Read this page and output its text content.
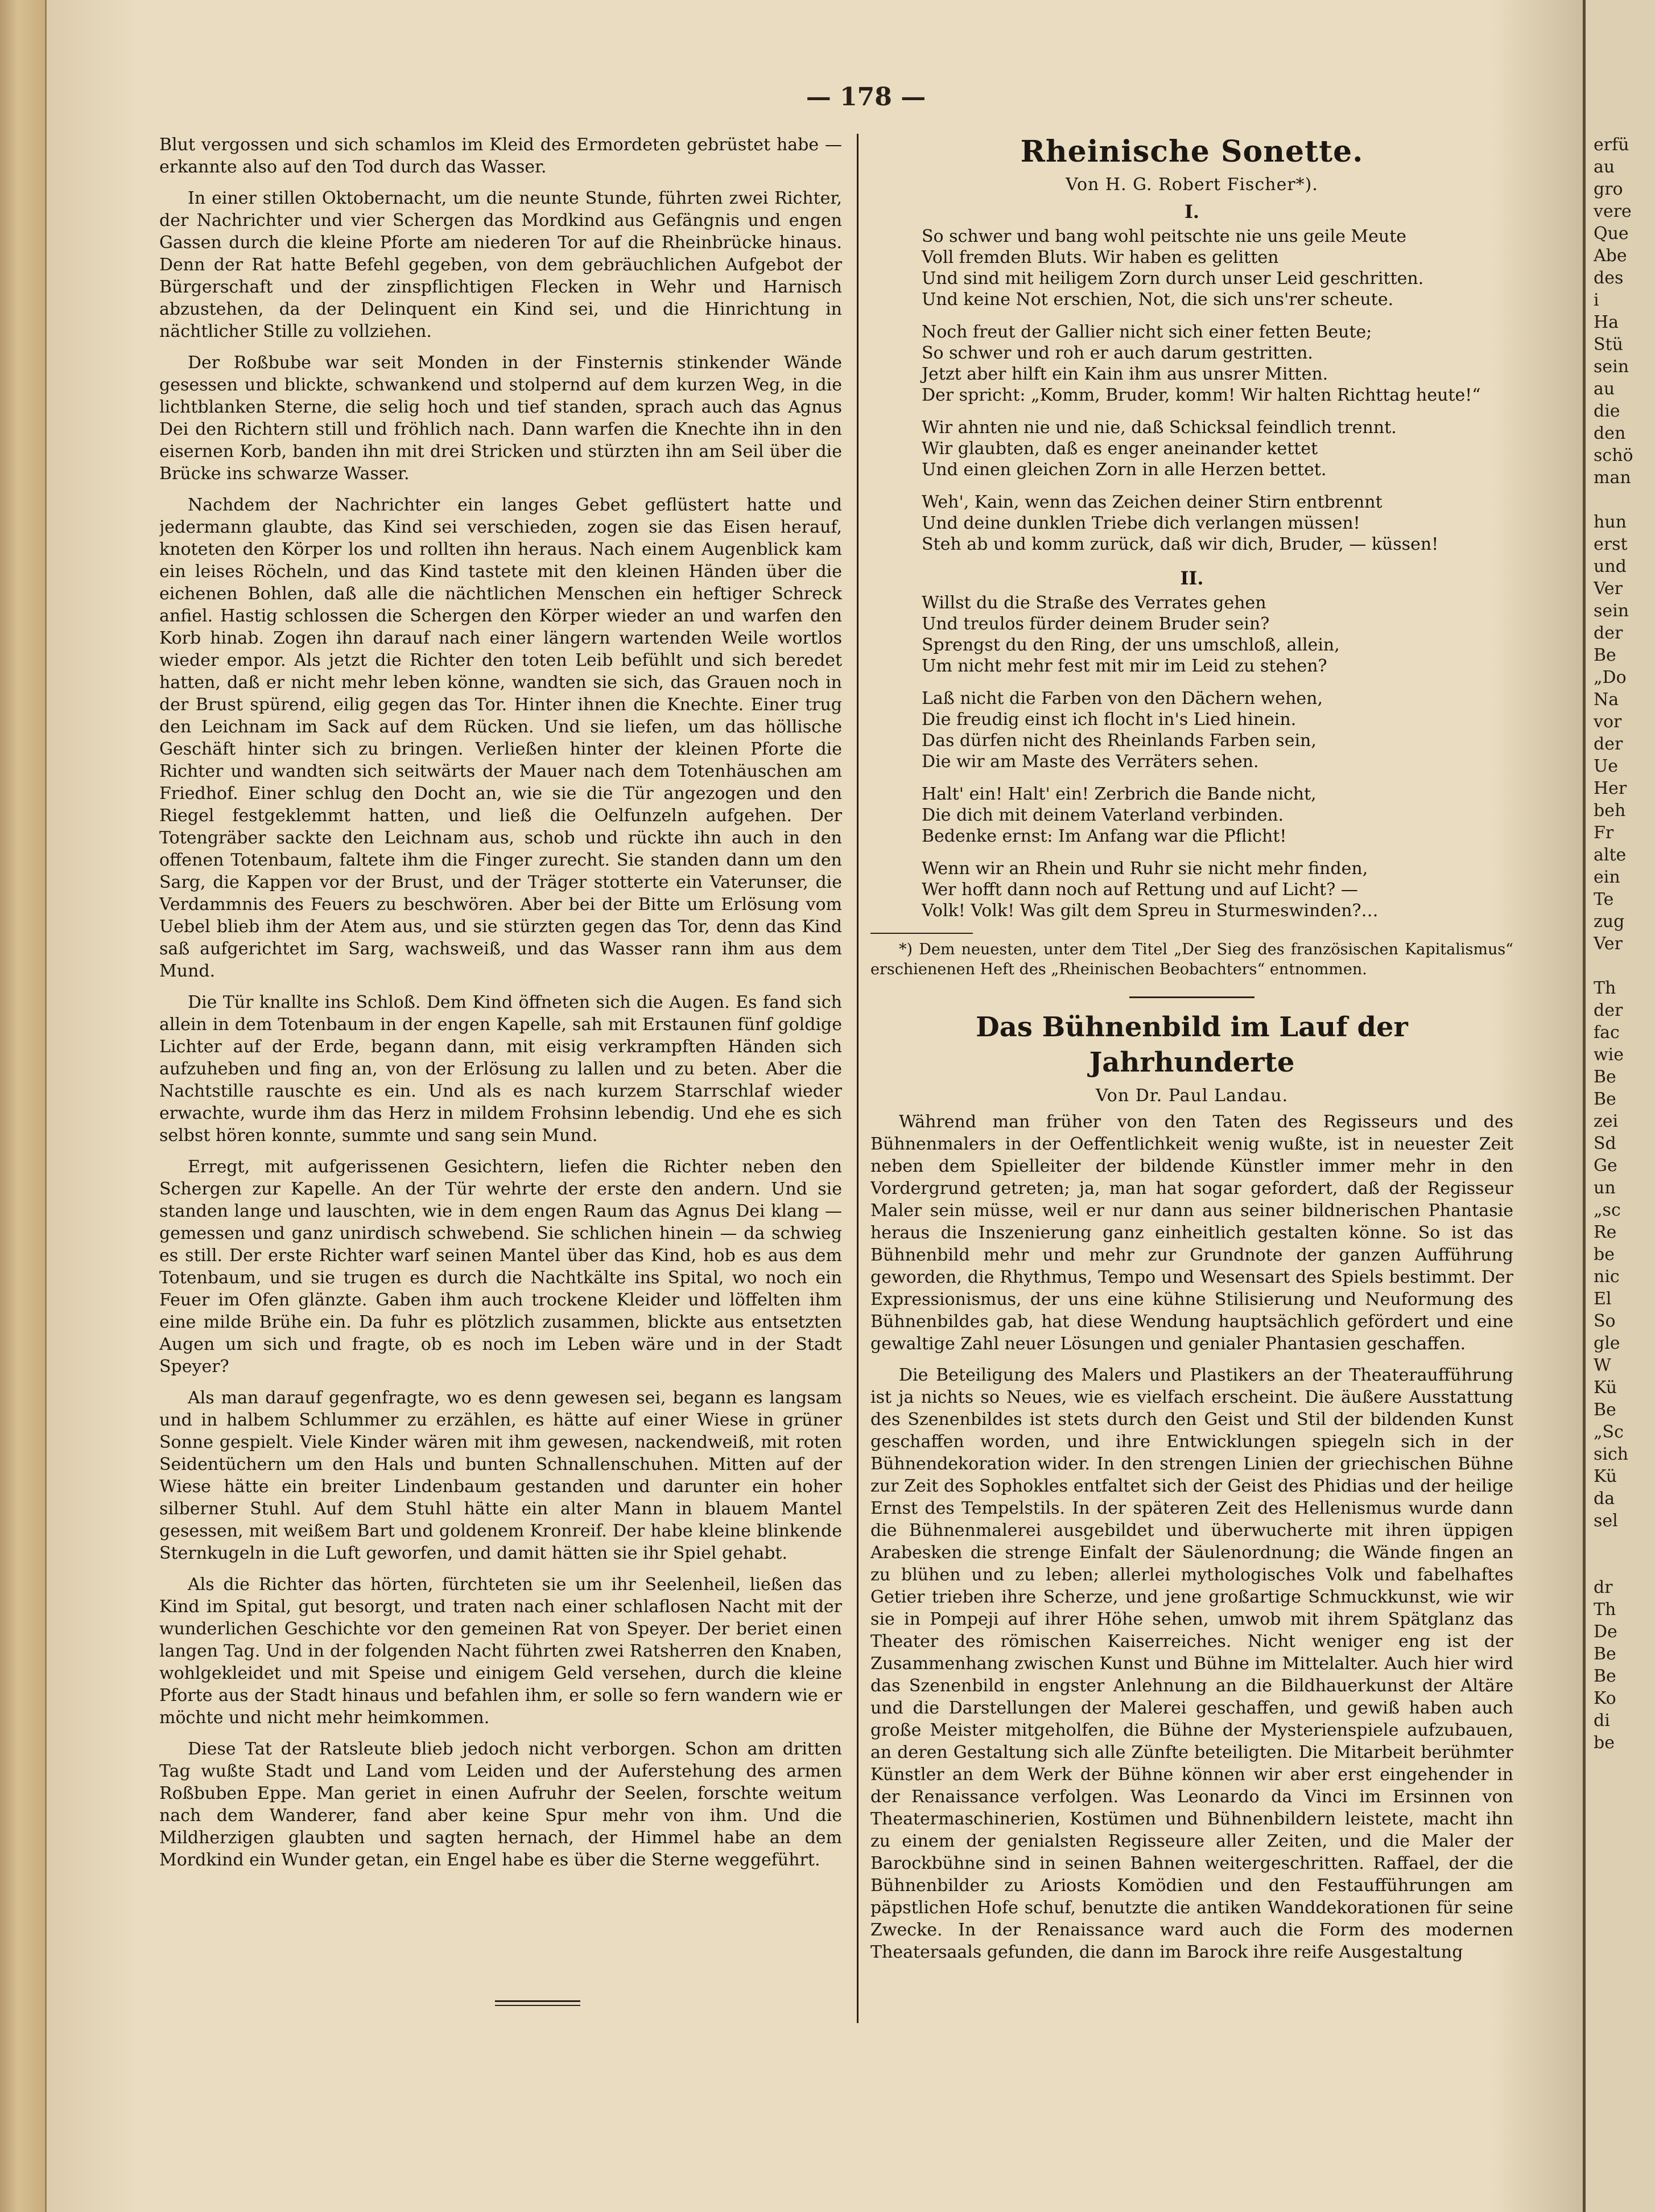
— 178 —

Blut vergossen und sich schamlos im Kleid des Ermordeten gebrüstet habe — erkannte also auf den Tod durch das Wasser.

In einer stillen Oktobernacht, um die neunte Stunde, führten zwei Richter, der Nachrichter und vier Schergen das Mordkind aus Gefängnis und engen Gassen durch die kleine Pforte am niederen Tor auf die Rheinbrücke hinaus. Denn der Rat hatte Befehl gegeben, von dem gebräuchlichen Aufgebot der Bürgerschaft und der zinspflichtigen Flecken in Wehr und Harnisch abzustehen, da der Delinquent ein Kind sei, und die Hinrichtung in nächtlicher Stille zu vollziehen.

Der Roßbube war seit Monden in der Finsternis stinkender Wände gesessen und blickte, schwankend und stolpernd auf dem kurzen Weg, in die lichtblanken Sterne, die selig hoch und tief standen, sprach auch das Agnus Dei den Richtern still und fröhlich nach. Dann warfen die Knechte ihn in den eisernen Korb, banden ihn mit drei Stricken und stürzten ihn am Seil über die Brücke ins schwarze Wasser.

Nachdem der Nachrichter ein langes Gebet geflüstert hatte und jedermann glaubte, das Kind sei verschieden, zogen sie das Eisen herauf, knoteten den Körper los und rollten ihn heraus. Nach einem Augenblick kam ein leises Röcheln, und das Kind tastete mit den kleinen Händen über die eichenen Bohlen, daß alle die nächtlichen Menschen ein heftiger Schreck anfiel. Hastig schlossen die Schergen den Körper wieder an und warfen den Korb hinab. Zogen ihn darauf nach einer längern wartenden Weile wortlos wieder empor. Als jetzt die Richter den toten Leib befühlt und sich beredet hatten, daß er nicht mehr leben könne, wandten sie sich, das Grauen noch in der Brust spürend, eilig gegen das Tor. Hinter ihnen die Knechte. Einer trug den Leichnam im Sack auf dem Rücken. Und sie liefen, um das höllische Geschäft hinter sich zu bringen. Verließen hinter der kleinen Pforte die Richter und wandten sich seitwärts der Mauer nach dem Totenhäuschen am Friedhof. Einer schlug den Docht an, wie sie die Tür angezogen und den Riegel festgeklemmt hatten, und ließ die Oelfunzeln aufgehen. Der Totengräber sackte den Leichnam aus, schob und rückte ihn auch in den offenen Totenbaum, faltete ihm die Finger zurecht. Sie standen dann um den Sarg, die Kappen vor der Brust, und der Träger stotterte ein Vaterunser, die Verdammnis des Feuers zu beschwören. Aber bei der Bitte um Erlösung vom Uebel blieb ihm der Atem aus, und sie stürzten gegen das Tor, denn das Kind saß aufgerichtet im Sarg, wachsweiß, und das Wasser rann ihm aus dem Mund.

Die Tür knallte ins Schloß. Dem Kind öffneten sich die Augen. Es fand sich allein in dem Totenbaum in der engen Kapelle, sah mit Erstaunen fünf goldige Lichter auf der Erde, begann dann, mit eisig verkrampften Händen sich aufzuheben und fing an, von der Erlösung zu lallen und zu beten. Aber die Nachtstille rauschte es ein. Und als es nach kurzem Starrschlaf wieder erwachte, wurde ihm das Herz in mildem Frohsinn lebendig. Und ehe es sich selbst hören konnte, summte und sang sein Mund.

Erregt, mit aufgerissenen Gesichtern, liefen die Richter neben den Schergen zur Kapelle. An der Tür wehrte der erste den andern. Und sie standen lange und lauschten, wie in dem engen Raum das Agnus Dei klang — gemessen und ganz unirdisch schwebend. Sie schlichen hinein — da schwieg es still. Der erste Richter warf seinen Mantel über das Kind, hob es aus dem Totenbaum, und sie trugen es durch die Nachtkälte ins Spital, wo noch ein Feuer im Ofen glänzte. Gaben ihm auch trockene Kleider und löffelten ihm eine milde Brühe ein. Da fuhr es plötzlich zusammen, blickte aus entsetzten Augen um sich und fragte, ob es noch im Leben wäre und in der Stadt Speyer?

Als man darauf gegenfragte, wo es denn gewesen sei, begann es langsam und in halbem Schlummer zu erzählen, es hätte auf einer Wiese in grüner Sonne gespielt. Viele Kinder wären mit ihm gewesen, nackendweiß, mit roten Seidentüchern um den Hals und bunten Schnallenschuhen. Mitten auf der Wiese hätte ein breiter Lindenbaum gestanden und darunter ein hoher silberner Stuhl. Auf dem Stuhl hätte ein alter Mann in blauem Mantel gesessen, mit weißem Bart und goldenem Kronreif. Der habe kleine blinkende Sternkugeln in die Luft geworfen, und damit hätten sie ihr Spiel gehabt.

Als die Richter das hörten, fürchteten sie um ihr Seelenheil, ließen das Kind im Spital, gut besorgt, und traten nach einer schlaflosen Nacht mit der wunderlichen Geschichte vor den gemeinen Rat von Speyer. Der beriet einen langen Tag. Und in der folgenden Nacht führten zwei Ratsherren den Knaben, wohlgekleidet und mit Speise und einigem Geld versehen, durch die kleine Pforte aus der Stadt hinaus und befahlen ihm, er solle so fern wandern wie er möchte und nicht mehr heimkommen.

Diese Tat der Ratsleute blieb jedoch nicht verborgen. Schon am dritten Tag wußte Stadt und Land vom Leiden und der Auferstehung des armen Roßbuben Eppe. Man geriet in einen Aufruhr der Seelen, forschte weitum nach dem Wanderer, fand aber keine Spur mehr von ihm. Und die Mildherzigen glaubten und sagten hernach, der Himmel habe an dem Mordkind ein Wunder getan, ein Engel habe es über die Sterne weggeführt.

Rheinische Sonette.
Von H. G. Robert Fischer*).
I.
So schwer und bang wohl peitschte nie uns geile Meute
Voll fremden Bluts. Wir haben es gelitten
Und sind mit heiligem Zorn durch unser Leid geschritten.
Und keine Not erschien, Not, die sich uns'rer scheute.
Noch freut der Gallier nicht sich einer fetten Beute;
So schwer und roh er auch darum gestritten.
Jetzt aber hilft ein Kain ihm aus unsrer Mitten.
Der spricht: „Komm, Bruder, komm! Wir halten Richttag heute!“
Wir ahnten nie und nie, daß Schicksal feindlich trennt.
Wir glaubten, daß es enger aneinander kettet
Und einen gleichen Zorn in alle Herzen bettet.
Weh', Kain, wenn das Zeichen deiner Stirn entbrennt
Und deine dunklen Triebe dich verlangen müssen!
Steh ab und komm zurück, daß wir dich, Bruder, — küssen!
II.
Willst du die Straße des Verrates gehen
Und treulos fürder deinem Bruder sein?
Sprengst du den Ring, der uns umschloß, allein,
Um nicht mehr fest mit mir im Leid zu stehen?
Laß nicht die Farben von den Dächern wehen,
Die freudig einst ich flocht in's Lied hinein.
Das dürfen nicht des Rheinlands Farben sein,
Die wir am Maste des Verräters sehen.
Halt' ein! Halt' ein! Zerbrich die Bande nicht,
Die dich mit deinem Vaterland verbinden.
Bedenke ernst: Im Anfang war die Pflicht!
Wenn wir an Rhein und Ruhr sie nicht mehr finden,
Wer hofft dann noch auf Rettung und auf Licht? —
Volk! Volk! Was gilt dem Spreu in Sturmeswinden?…
*) Dem neuesten, unter dem Titel „Der Sieg des französischen Kapitalismus“ erschienenen Heft des „Rheinischen Beobachters“ entnommen.
Das Bühnenbild im Lauf der Jahrhunderte
Von Dr. Paul Landau.

Während man früher von den Taten des Regisseurs und des Bühnenmalers in der Oeffentlichkeit wenig wußte, ist in neuester Zeit neben dem Spielleiter der bildende Künstler immer mehr in den Vordergrund getreten; ja, man hat sogar gefordert, daß der Regisseur Maler sein müsse, weil er nur dann aus seiner bildnerischen Phantasie heraus die Inszenierung ganz einheitlich gestalten könne. So ist das Bühnenbild mehr und mehr zur Grundnote der ganzen Aufführung geworden, die Rhythmus, Tempo und Wesensart des Spiels bestimmt. Der Expressionismus, der uns eine kühne Stilisierung und Neuformung des Bühnenbildes gab, hat diese Wendung hauptsächlich gefördert und eine gewaltige Zahl neuer Lösungen und genialer Phantasien geschaffen.

Die Beteiligung des Malers und Plastikers an der Theateraufführung ist ja nichts so Neues, wie es vielfach erscheint. Die äußere Ausstattung des Szenenbildes ist stets durch den Geist und Stil der bildenden Kunst geschaffen worden, und ihre Entwicklungen spiegeln sich in der Bühnendekoration wider. In den strengen Linien der griechischen Bühne zur Zeit des Sophokles entfaltet sich der Geist des Phidias und der heilige Ernst des Tempelstils. In der späteren Zeit des Hellenismus wurde dann die Bühnenmalerei ausgebildet und überwucherte mit ihren üppigen Arabesken die strenge Einfalt der Säulenordnung; die Wände fingen an zu blühen und zu leben; allerlei mythologisches Volk und fabelhaftes Getier trieben ihre Scherze, und jene großartige Schmuckkunst, wie wir sie in Pompeji auf ihrer Höhe sehen, umwob mit ihrem Spätglanz das Theater des römischen Kaiserreiches. Nicht weniger eng ist der Zusammenhang zwischen Kunst und Bühne im Mittelalter. Auch hier wird das Szenenbild in engster Anlehnung an die Bildhauerkunst der Altäre und die Darstellungen der Malerei geschaffen, und gewiß haben auch große Meister mitgeholfen, die Bühne der Mysterienspiele aufzubauen, an deren Gestaltung sich alle Zünfte beteiligten. Die Mitarbeit berühmter Künstler an dem Werk der Bühne können wir aber erst eingehender in der Renaissance verfolgen. Was Leonardo da Vinci im Ersinnen von Theatermaschinerien, Kostümen und Bühnenbildern leistete, macht ihn zu einem der genialsten Regisseure aller Zeiten, und die Maler der Barockbühne sind in seinen Bahnen weitergeschritten. Raffael, der die Bühnenbilder zu Ariosts Komödien und den Festaufführungen am päpstlichen Hofe schuf, benutzte die antiken Wanddekorationen für seine Zwecke. In der Renaissance ward auch die Form des modernen Theatersaals gefunden, die dann im Barock ihre reife Ausgestaltung

erfü
au
gro
vere
Que
Abe
des
i
Ha
Stü
sein
au
die
den
schö
man

hun
erst
und
Ver
sein
der
Be
„Do
Na
vor
der
Ue
Her
beh
Fr
alte
ein
Te
zug
Ver

Th
der
fac
wie
Be
Be
zei
Sd
Ge
un
„sc
Re
be
nic
El
So
gle
W
Kü
Be
„Sc
sich
Kü
da
sel

dr
Th
De
Be
Be
Ko
di
be
